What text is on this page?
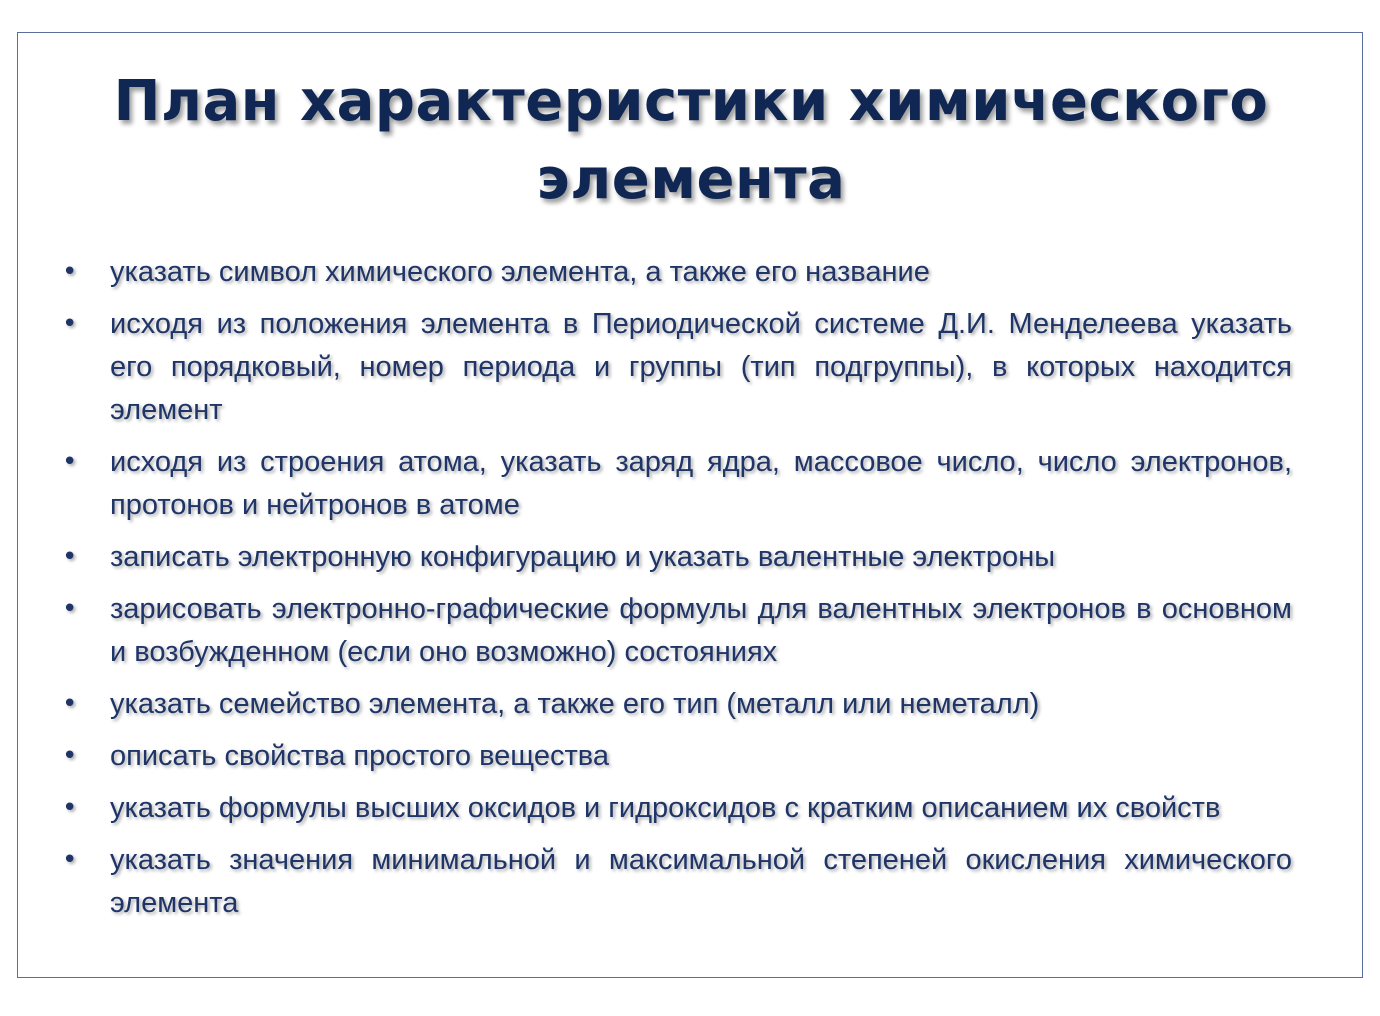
План характеристики химического элемента
• указать символ химического элемента, а также его название
• исходя из положения элемента в Периодической системе Д.И. Менделеева указать его порядковый, номер периода и группы (тип подгруппы), в которых находится элемент
• исходя из строения атома, указать заряд ядра, массовое число, число электронов, протонов и нейтронов в атоме
• записать электронную конфигурацию и указать валентные электроны
• зарисовать электронно-графические формулы для валентных электронов в основном и возбужденном (если оно возможно) состояниях
• указать семейство элемента, а также его тип (металл или неметалл)
• описать свойства простого вещества
• указать формулы высших оксидов и гидроксидов с кратким описанием их свойств
• указать значения минимальной и максимальной степеней окисления химического элемента
